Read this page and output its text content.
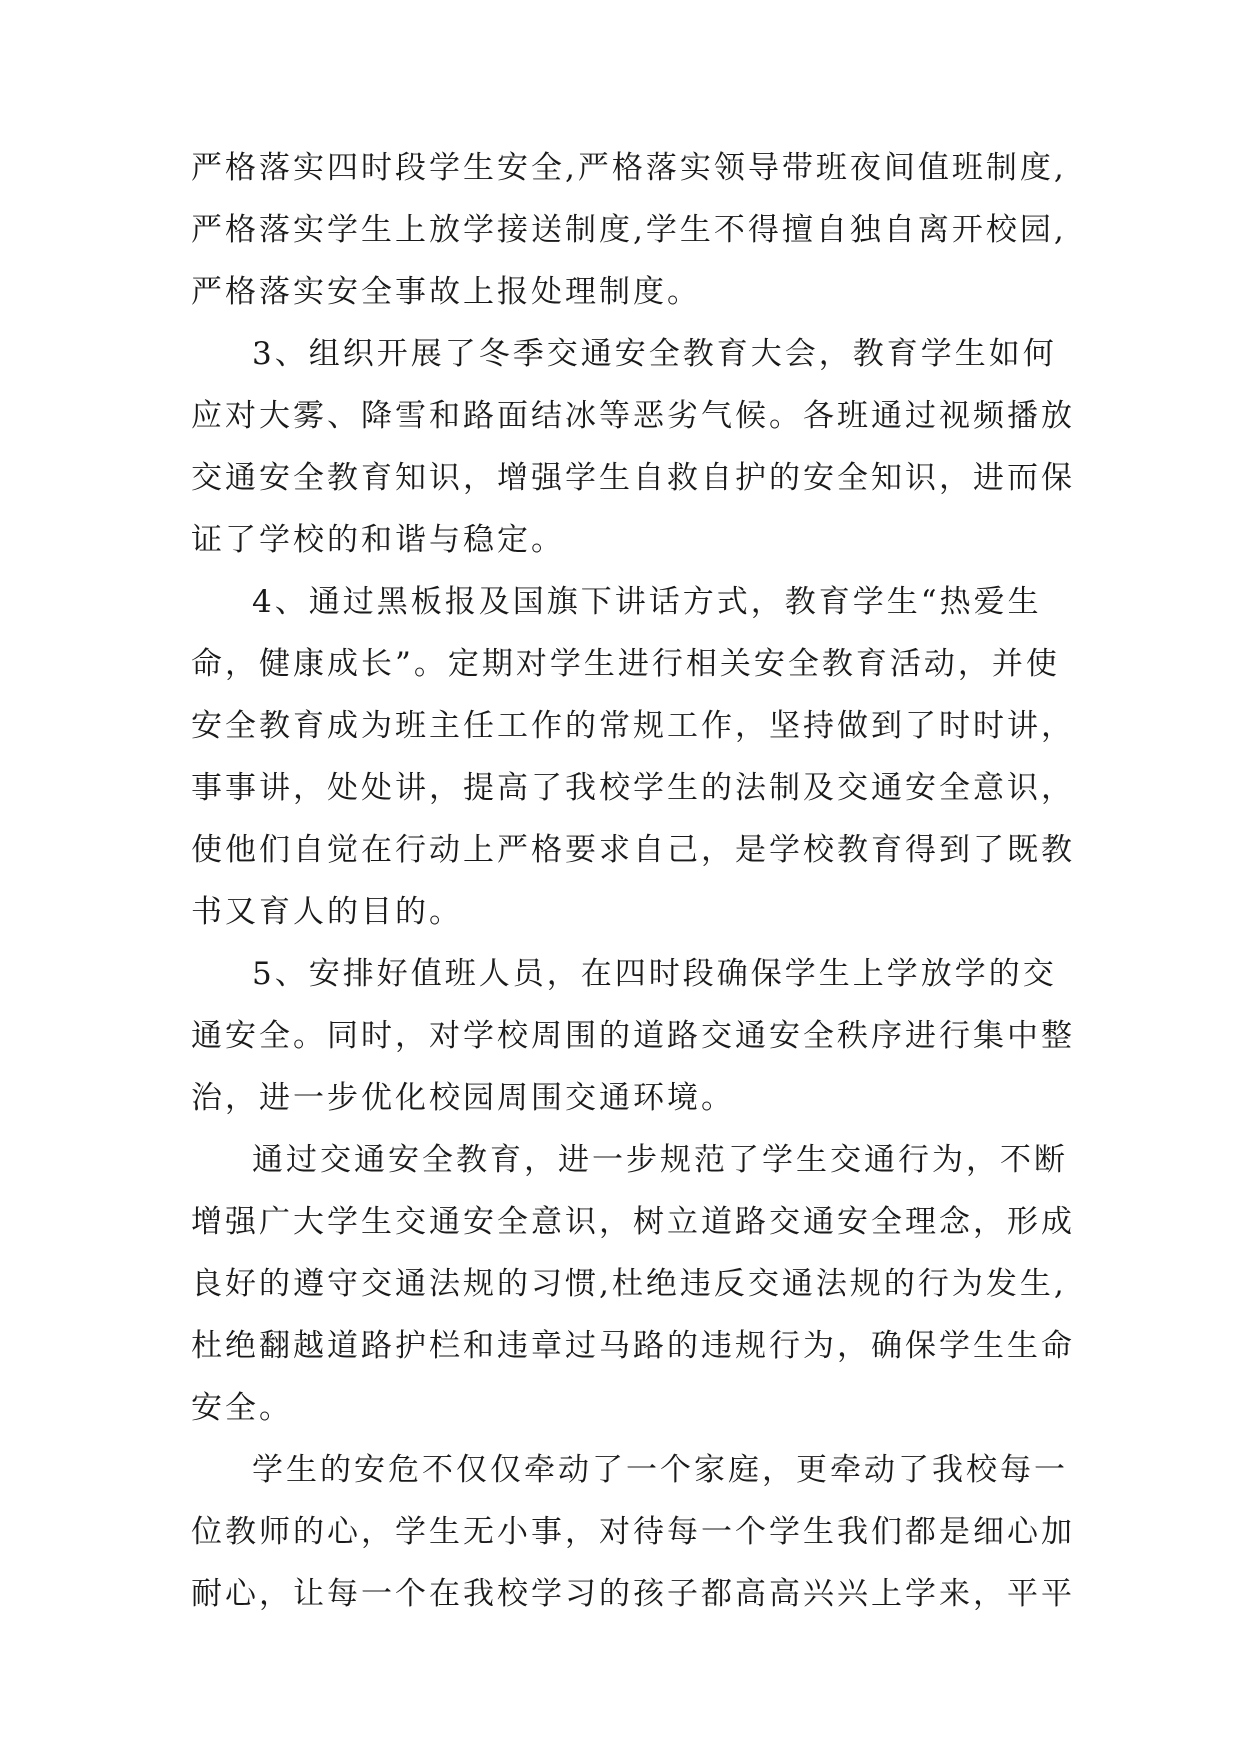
严格落实四时段学生安全,严格落实领导带班夜间值班制度,
严格落实学生上放学接送制度,学生不得擅自独自离开校园,
严格落实安全事故上报处理制度。
3、组织开展了冬季交通安全教育大会，教育学生如何
应对大雾、降雪和路面结冰等恶劣气候。各班通过视频播放
交通安全教育知识，增强学生自救自护的安全知识，进而保
证了学校的和谐与稳定。
4、通过黑板报及国旗下讲话方式，教育学生“热爱生
命，健康成长”。定期对学生进行相关安全教育活动，并使
安全教育成为班主任工作的常规工作，坚持做到了时时讲，
事事讲，处处讲，提高了我校学生的法制及交通安全意识，
使他们自觉在行动上严格要求自己，是学校教育得到了既教
书又育人的目的。
5、安排好值班人员，在四时段确保学生上学放学的交
通安全。同时，对学校周围的道路交通安全秩序进行集中整
治，进一步优化校园周围交通环境。
通过交通安全教育，进一步规范了学生交通行为，不断
增强广大学生交通安全意识，树立道路交通安全理念，形成
良好的遵守交通法规的习惯,杜绝违反交通法规的行为发生,
杜绝翻越道路护栏和违章过马路的违规行为，确保学生生命
安全。
学生的安危不仅仅牵动了一个家庭，更牵动了我校每一
位教师的心，学生无小事，对待每一个学生我们都是细心加
耐心，让每一个在我校学习的孩子都高高兴兴上学来，平平
